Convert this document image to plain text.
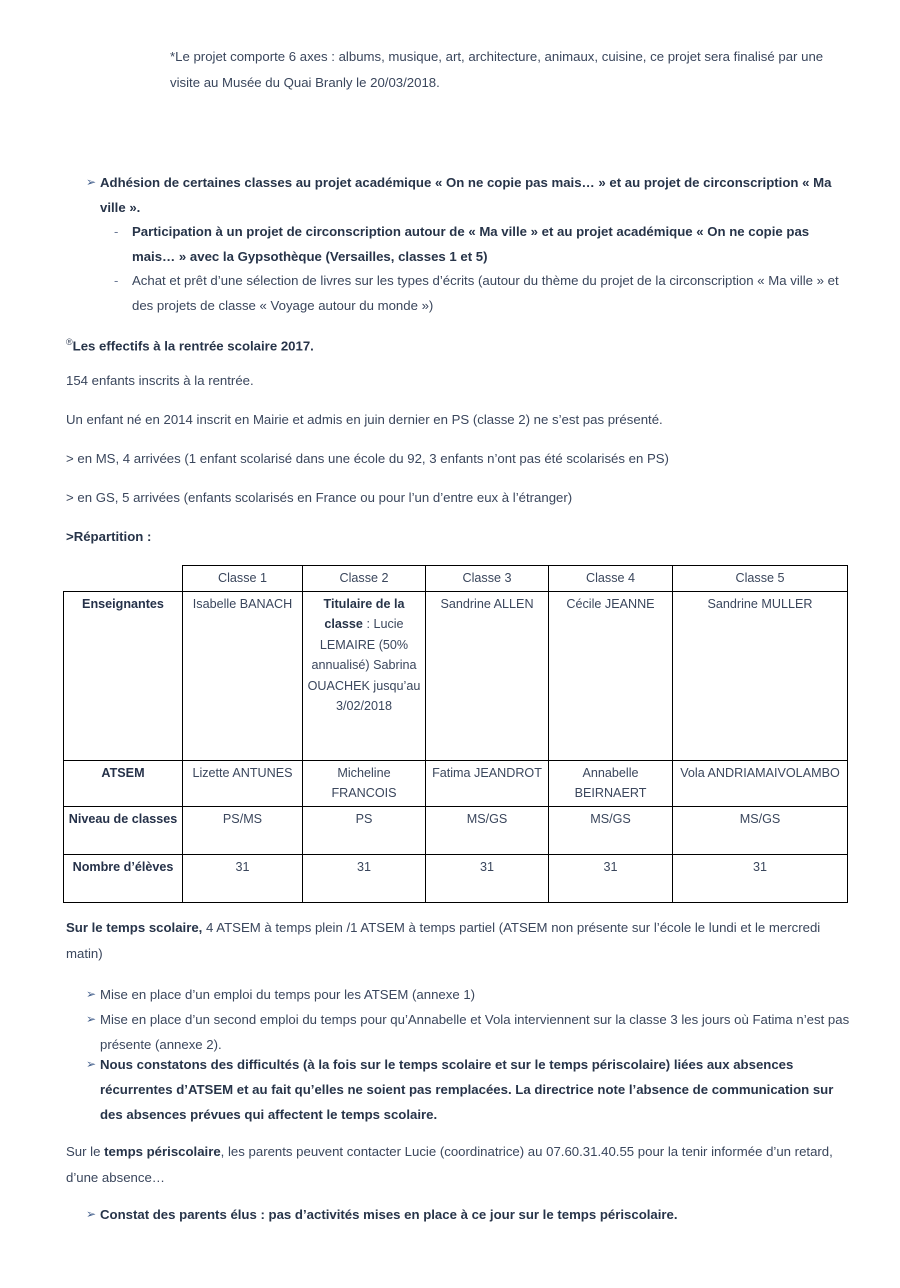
*Le projet comporte 6 axes : albums, musique, art, architecture, animaux, cuisine, ce projet sera finalisé par une visite au Musée du Quai Branly le 20/03/2018.
➢ Adhésion de certaines classes au projet académique « On ne copie pas mais… » et au projet de circonscription « Ma ville ».
-	Participation à un projet de circonscription autour de « Ma ville » et au projet académique « On ne copie pas mais… » avec la Gypsothèque (Versailles, classes 1 et 5)
-	Achat et prêt d’une sélection de livres sur les types d’écrits (autour du thème du projet de la circonscription « Ma ville » et des projets de classe « Voyage autour du monde »)
®Les effectifs à la rentrée scolaire 2017.
154 enfants inscrits à la rentrée.
Un enfant né en 2014 inscrit en Mairie et admis en juin dernier en PS (classe 2) ne s’est pas présenté.
> en MS, 4 arrivées (1 enfant scolarisé dans une école du 92, 3 enfants n’ont pas été scolarisés en PS)
> en GS, 5 arrivées (enfants scolarisés en France ou pour l’un d’entre eux à l’étranger)
>Répartition :
	Classe 1	Classe 2	Classe 3	Classe 4	Classe 5
Enseignantes	Isabelle BANACH	Titulaire de la classe : Lucie LEMAIRE (50% annualisé) Sabrina OUACHEK jusqu’au 3/02/2018	Sandrine ALLEN	Cécile JEANNE	Sandrine MULLER
ATSEM	Lizette ANTUNES	Micheline FRANCOIS	Fatima JEANDROT	Annabelle BEIRNAERT	Vola ANDRIAMAIVOLAMBO
Niveau de classes	PS/MS	PS	MS/GS	MS/GS	MS/GS
Nombre d’élèves	31	31	31	31	31
Sur le temps scolaire, 4 ATSEM à temps plein /1 ATSEM à temps partiel (ATSEM non présente sur l’école le lundi et le mercredi matin)
➢ Mise en place d’un emploi du temps pour les ATSEM (annexe 1)
➢ Mise en place d’un second emploi du temps pour qu’Annabelle et Vola interviennent sur la classe 3 les jours où Fatima n’est pas présente (annexe 2).
➢ Nous constatons des difficultés (à la fois sur le temps scolaire et sur le temps périscolaire) liées aux absences récurrentes d’ATSEM et au fait qu’elles ne soient pas remplacées. La directrice note l’absence de communication sur des absences prévues qui affectent le temps scolaire.
Sur le temps périscolaire, les parents peuvent contacter Lucie (coordinatrice) au 07.60.31.40.55 pour la tenir informée d’un retard, d’une absence…
➢ Constat des parents élus : pas d’activités mises en place à ce jour sur le temps périscolaire.
